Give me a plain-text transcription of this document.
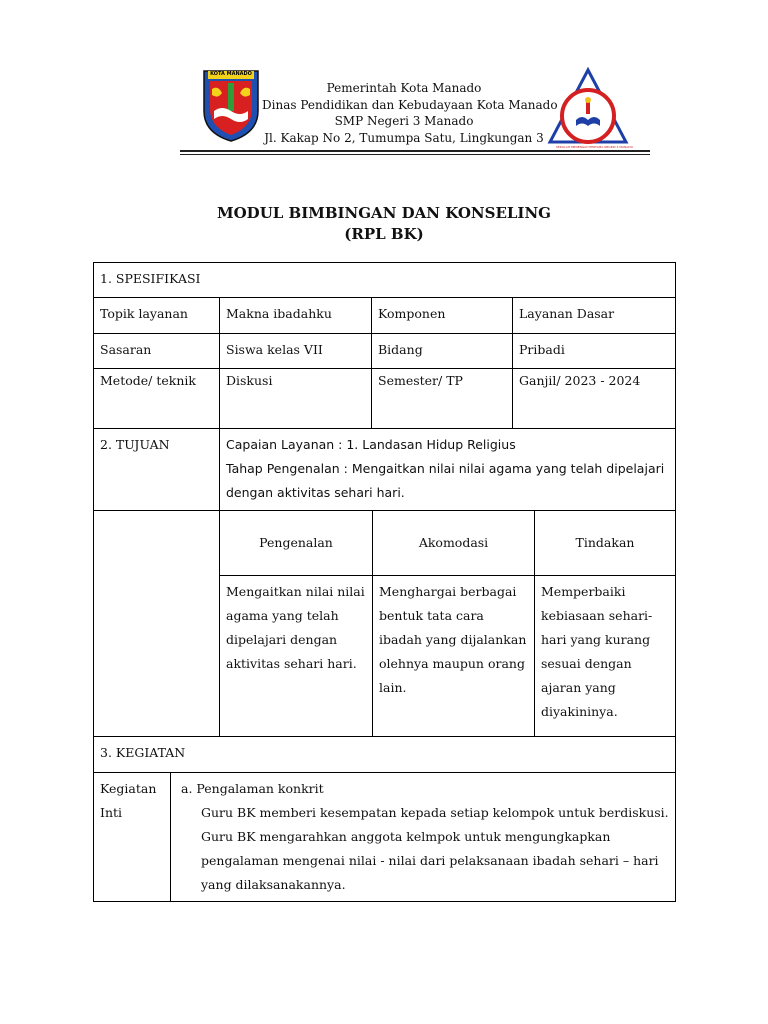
KOTA MANADO
Pemerintah Kota Manado
Dinas Pendidikan dan Kebudayaan Kota Manado
SMP Negeri 3 Manado
Jl. Kakap No 2, Tumumpa Satu, Lingkungan 3
SEKOLAH MENENGAH PERTAMA NEGERI 3 MANADO
MODUL BIMBINGAN DAN KONSELING
(RPL BK)
1. SPESIFIKASI			

Topik layanan	Makna ibadahku	Komponen	Layanan Dasar

Sasaran	Siswa kelas VII	Bidang	Pribadi

Metode/ teknik	Diskusi	Semester/ TP	Ganjil/ 2023 - 2024

2. TUJUAN	Capaian Layanan : 1. Landasan Hidup Religius
Tahap Pengenalan : Mengaitkan nilai nilai agama yang telah dipelajari dengan aktivitas sehari hari.		

	Pengenalan	Akomodasi	Tindakan

	Mengaitkan nilai nilai agama yang telah dipelajari dengan aktivitas sehari hari.	Menghargai berbagai bentuk tata cara ibadah yang dijalankan olehnya maupun orang lain.	Memperbaiki kebiasaan sehari-hari yang kurang sesuai dengan ajaran yang diyakininya.
3. KEGIATAN

Kegiatan Inti

a. Pengalaman konkrit
Guru BK memberi kesempatan kepada setiap kelompok untuk berdiskusi. Guru BK mengarahkan anggota kelmpok untuk mengungkapkan pengalaman mengenai nilai - nilai dari pelaksanaan ibadah sehari – hari yang dilaksanakannya.
